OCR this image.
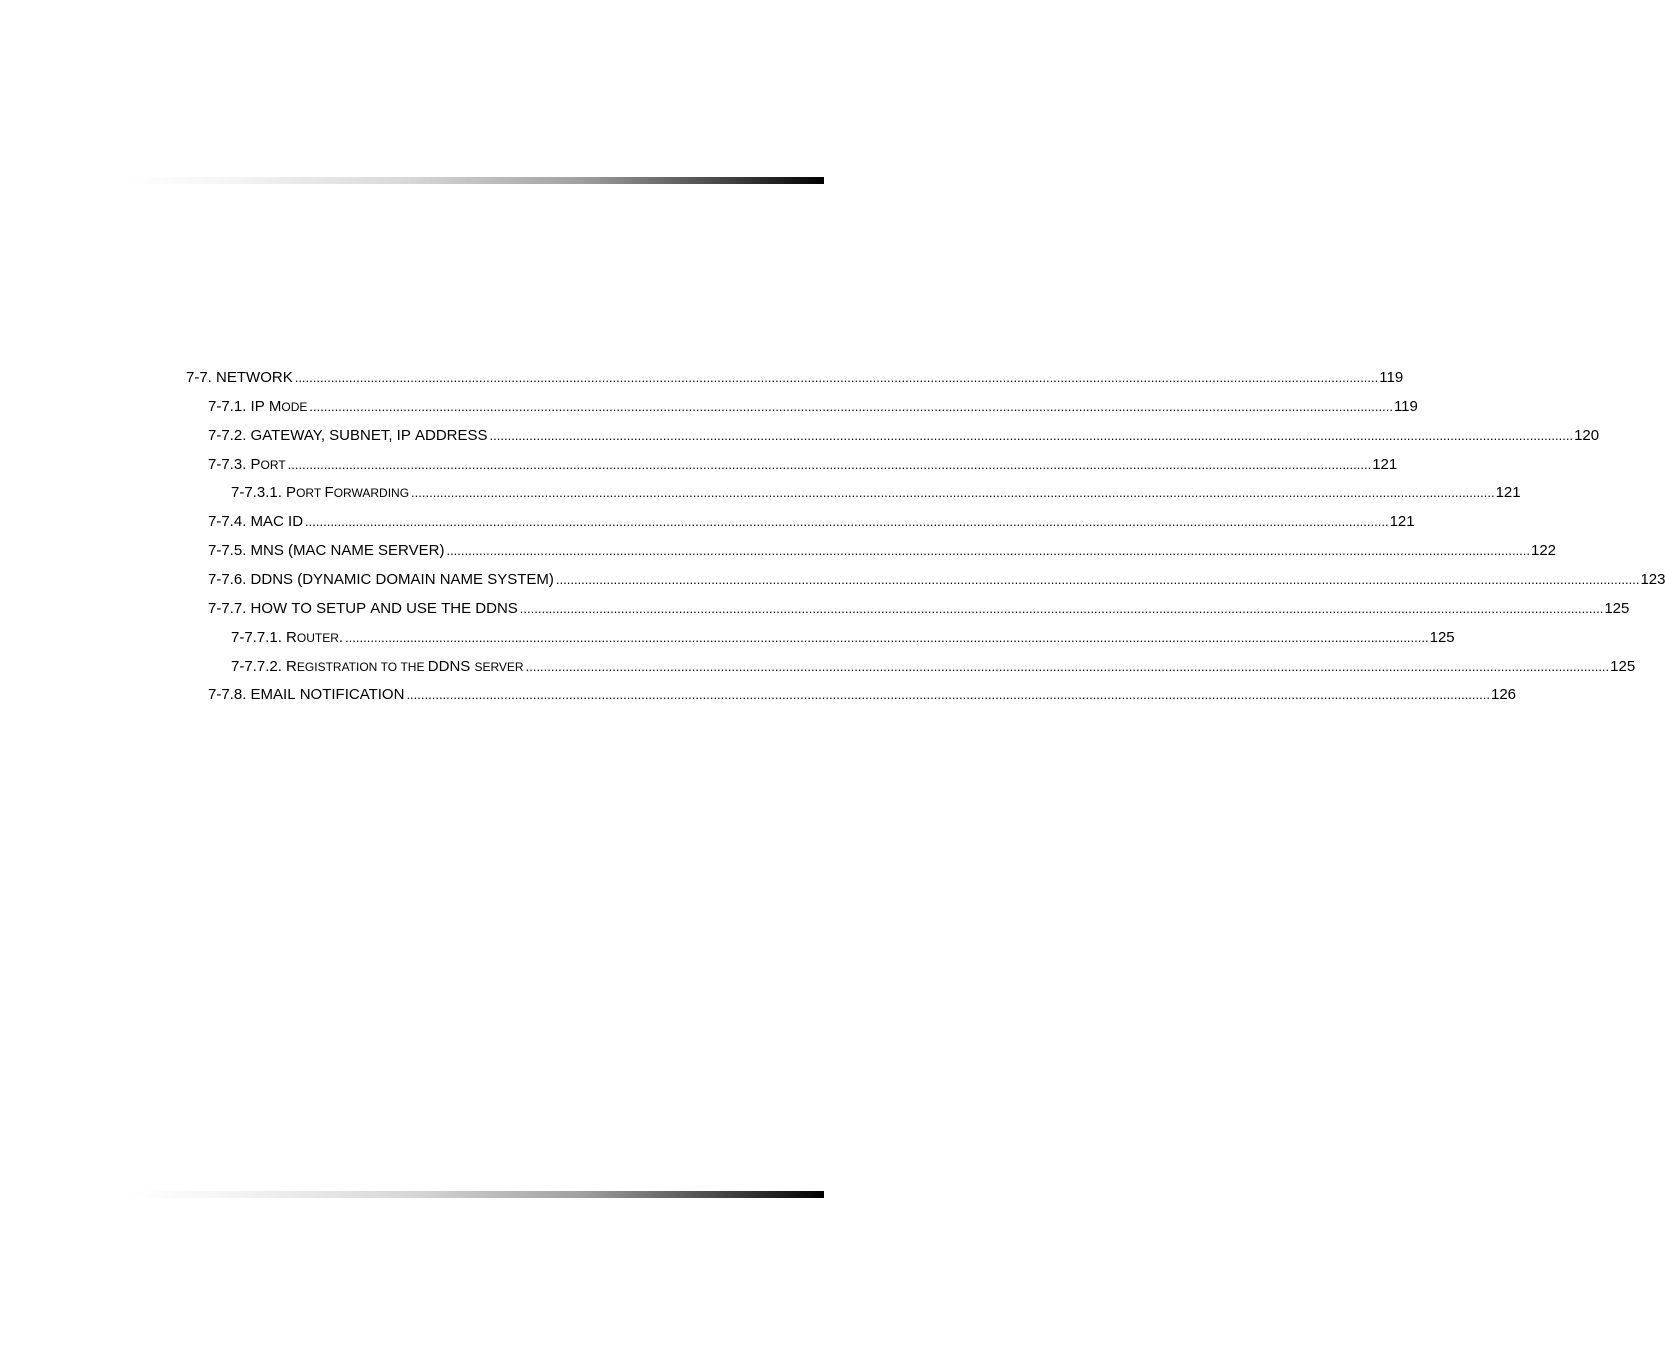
7-7.
NETWORK ............................................................................................................................................................................................................................................................................................................ 119
7-7.1.
IP M ODE ............................................................................................................................................................................................................................................................................................................ 119
7-7.2.
GATEWAY, SUBNET, IP ADDRESS ............................................................................................................................................................................................................................................................................................................ 120
7-7.3.
P ORT ............................................................................................................................................................................................................................................................................................................ 121
7-7.3.1.
P ORT F ORWARDING ............................................................................................................................................................................................................................................................................................................ 121
7-7.4.
MAC ID ............................................................................................................................................................................................................................................................................................................ 121
7-7.5.
MNS (MAC NAME SERVER) ............................................................................................................................................................................................................................................................................................................ 122
7-7.6.
DDNS (DYNAMIC DOMAIN NAME SYSTEM) ............................................................................................................................................................................................................................................................................................................ 123
7-7.7.
HOW TO SETUP AND USE THE DDNS ............................................................................................................................................................................................................................................................................................................ 125
7-7.7.1.
R OUTER . ............................................................................................................................................................................................................................................................................................................ 125
7-7.7.2.
R EGISTRATION TO THE DDNS SERVER ............................................................................................................................................................................................................................................................................................................ 125
7-7.8.
EMAIL NOTIFICATION ............................................................................................................................................................................................................................................................................................................ 126
